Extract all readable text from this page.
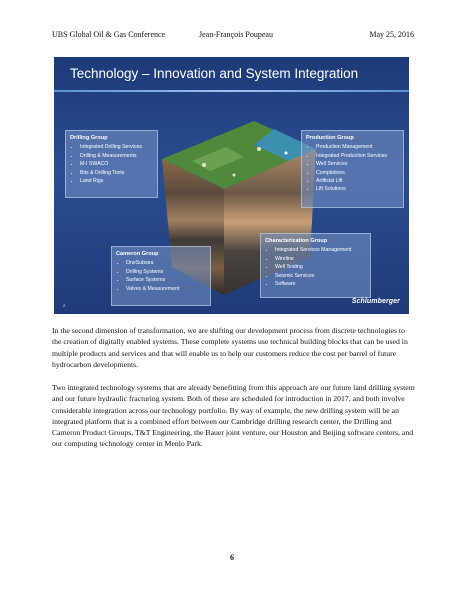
UBS Global Oil & Gas Conference	Jean-François Poupeau	May 25, 2016
Technology – Innovation and System Integration
Drilling Group
• Integrated Drilling Services
• Drilling & Measurements
• M-I SWACO
• Bits & Drilling Tools
• Land Rigs
Production Group
• Production Management
• Integrated Production Services
• Well Services
• Completions
• Artificial Lift
• Lift Solutions
Characterization Group
• Integrated Services Management
• Wireline
• Well Testing
• Seismic Services
• Software
Cameron Group
• OneSubsea
• Drilling Systems
• Surface Systems
• Valves & Measurement
2
Schlumberger

In the second dimension of transformation, we are shifting our development process from discrete technologies to the creation of digitally enabled systems. These complete systems use technical building blocks that can be used in multiple products and services and that will enable us to help our customers reduce the cost per barrel of future hydrocarbon developments.

Two integrated technology systems that are already benefitting from this approach are our future land drilling system and our future hydraulic fracturing system. Both of these are scheduled for introduction in 2017, and both involve considerable integration across our technology portfolio. By way of example, the new drilling system will be an integrated platform that is a combined effort between our Cambridge drilling research center, the Drilling and Cameron Product Groups, T&T Engineering, the Bauer joint venture, our Houston and Beijing software centers, and our computing technology center in Menlo Park.

6
